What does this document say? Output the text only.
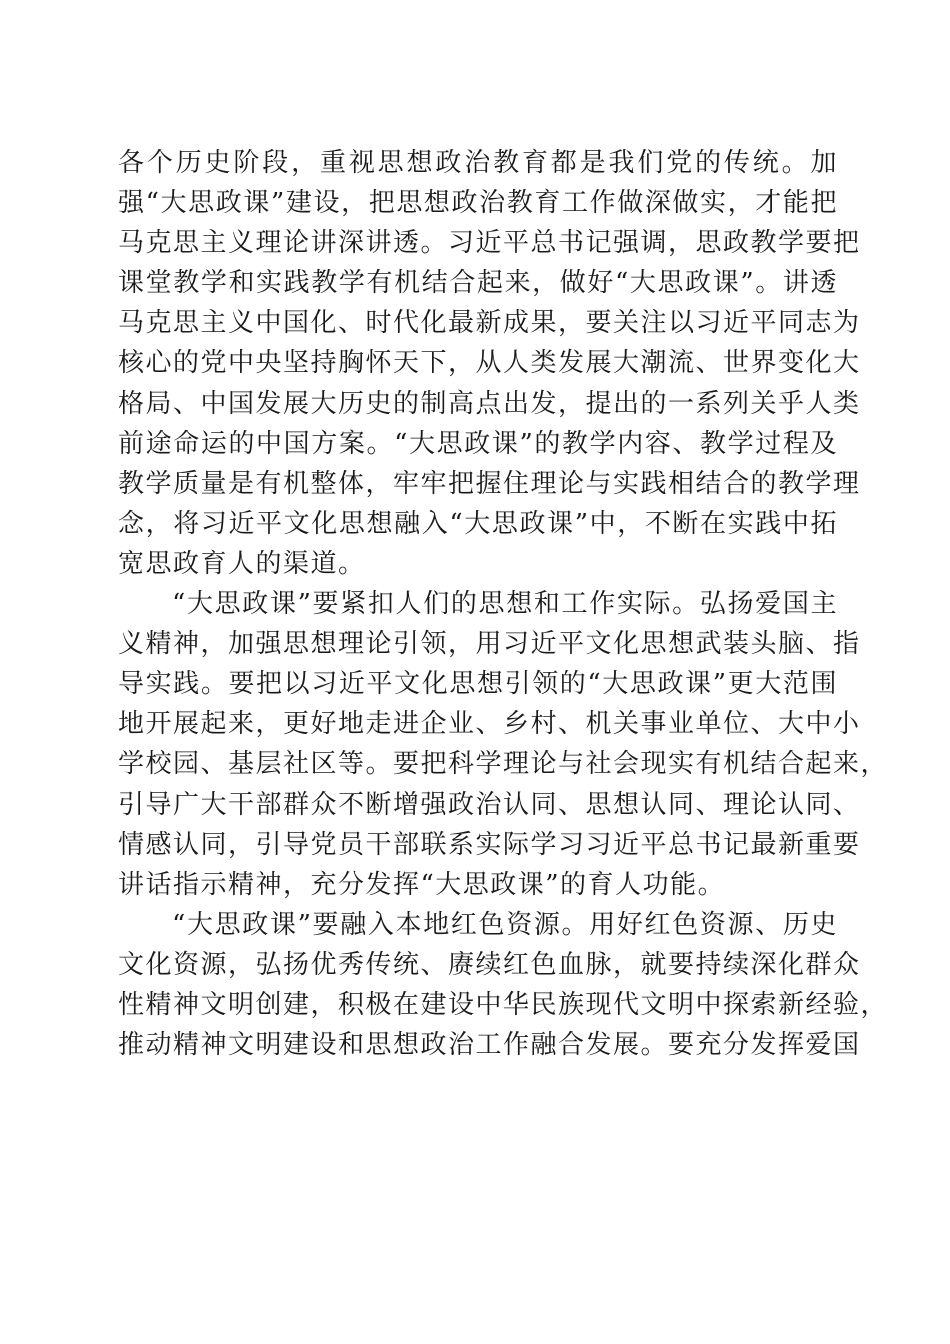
各个历史阶段，重视思想政治教育都是我们党的传统。加
强“大思政课”建设，把思想政治教育工作做深做实，才能把
马克思主义理论讲深讲透。习近平总书记强调，思政教学要把
课堂教学和实践教学有机结合起来，做好“大思政课”。讲透
马克思主义中国化、时代化最新成果，要关注以习近平同志为
核心的党中央坚持胸怀天下，从人类发展大潮流、世界变化大
格局、中国发展大历史的制高点出发，提出的一系列关乎人类
前途命运的中国方案。“大思政课”的教学内容、教学过程及
教学质量是有机整体，牢牢把握住理论与实践相结合的教学理
念，将习近平文化思想融入“大思政课”中，不断在实践中拓
宽思政育人的渠道。
“大思政课”要紧扣人们的思想和工作实际。弘扬爱国主
义精神，加强思想理论引领，用习近平文化思想武装头脑、指
导实践。要把以习近平文化思想引领的“大思政课”更大范围
地开展起来，更好地走进企业、乡村、机关事业单位、大中小
学校园、基层社区等。要把科学理论与社会现实有机结合起来，
引导广大干部群众不断增强政治认同、思想认同、理论认同、
情感认同，引导党员干部联系实际学习习近平总书记最新重要
讲话指示精神，充分发挥“大思政课”的育人功能。
“大思政课”要融入本地红色资源。用好红色资源、历史
文化资源，弘扬优秀传统、赓续红色血脉，就要持续深化群众
性精神文明创建，积极在建设中华民族现代文明中探索新经验，
推动精神文明建设和思想政治工作融合发展。要充分发挥爱国
